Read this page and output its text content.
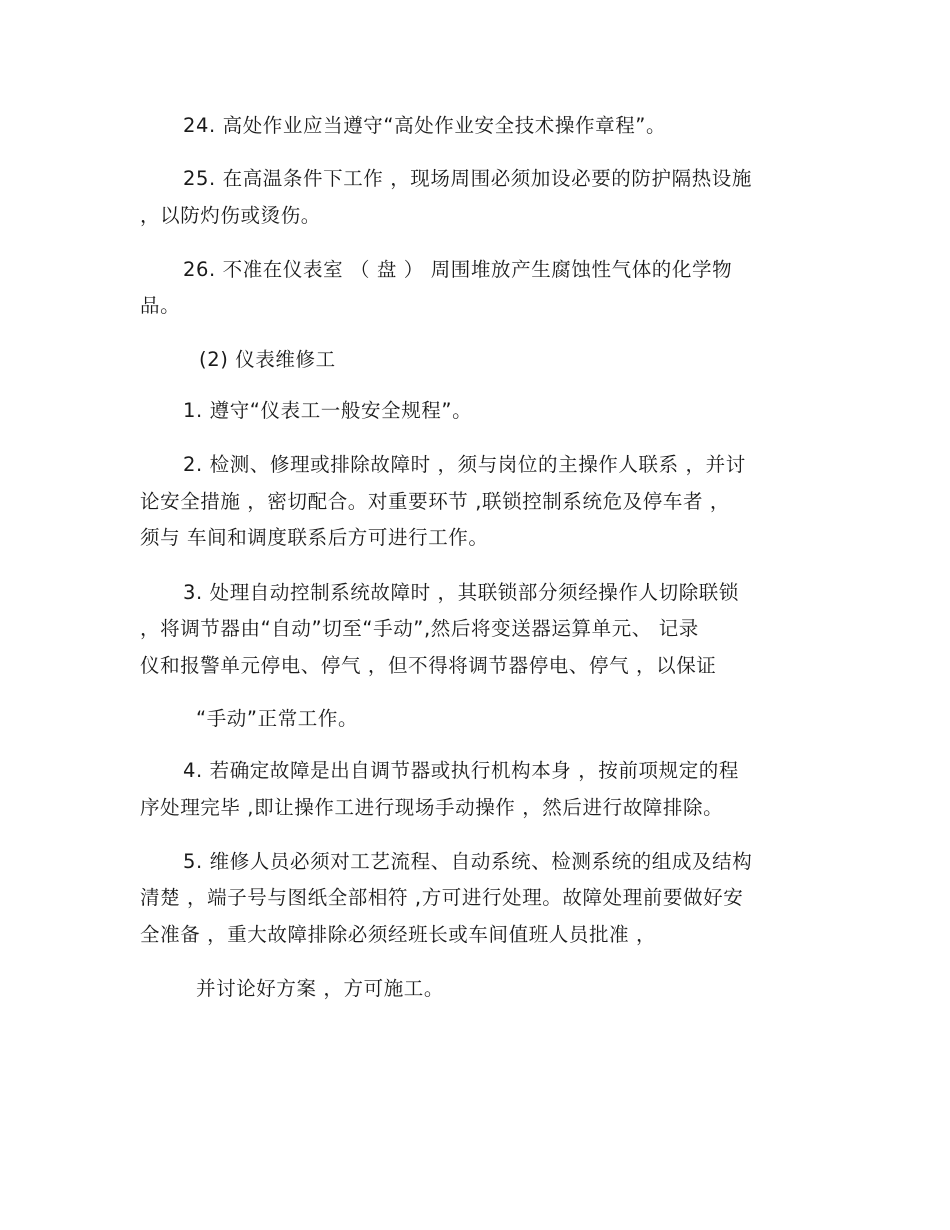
24. 高处作业应当遵守“高处作业安全技术操作章程”。
25. 在高温条件下工作 ，现场周围必须加设必要的防护隔热设施
，以防灼伤或烫伤。
26. 不准在仪表室 （ 盘 ） 周围堆放产生腐蚀性气体的化学物
品。
(2) 仪表维修工
1. 遵守“仪表工一般安全规程”。
2. 检测、修理或排除故障时 ，须与岗位的主操作人联系 ，并讨
论安全措施 ，密切配合。对重要环节 ,联锁控制系统危及停车者 ，
须与 车间和调度联系后方可进行工作。
3. 处理自动控制系统故障时 ，其联锁部分须经操作人切除联锁
，将调节器由“自动”切至“手动”,然后将变送器运算单元、 记录
仪和报警单元停电、停气 ，但不得将调节器停电、停气 ，以保证
“手动”正常工作。
4. 若确定故障是出自调节器或执行机构本身 ，按前项规定的程
序处理完毕 ,即让操作工进行现场手动操作 ，然后进行故障排除。
5. 维修人员必须对工艺流程、自动系统、检测系统的组成及结构
清楚 ，端子号与图纸全部相符 ,方可进行处理。故障处理前要做好安
全准备 ，重大故障排除必须经班长或车间值班人员批准 ，
并讨论好方案 ，方可施工。
